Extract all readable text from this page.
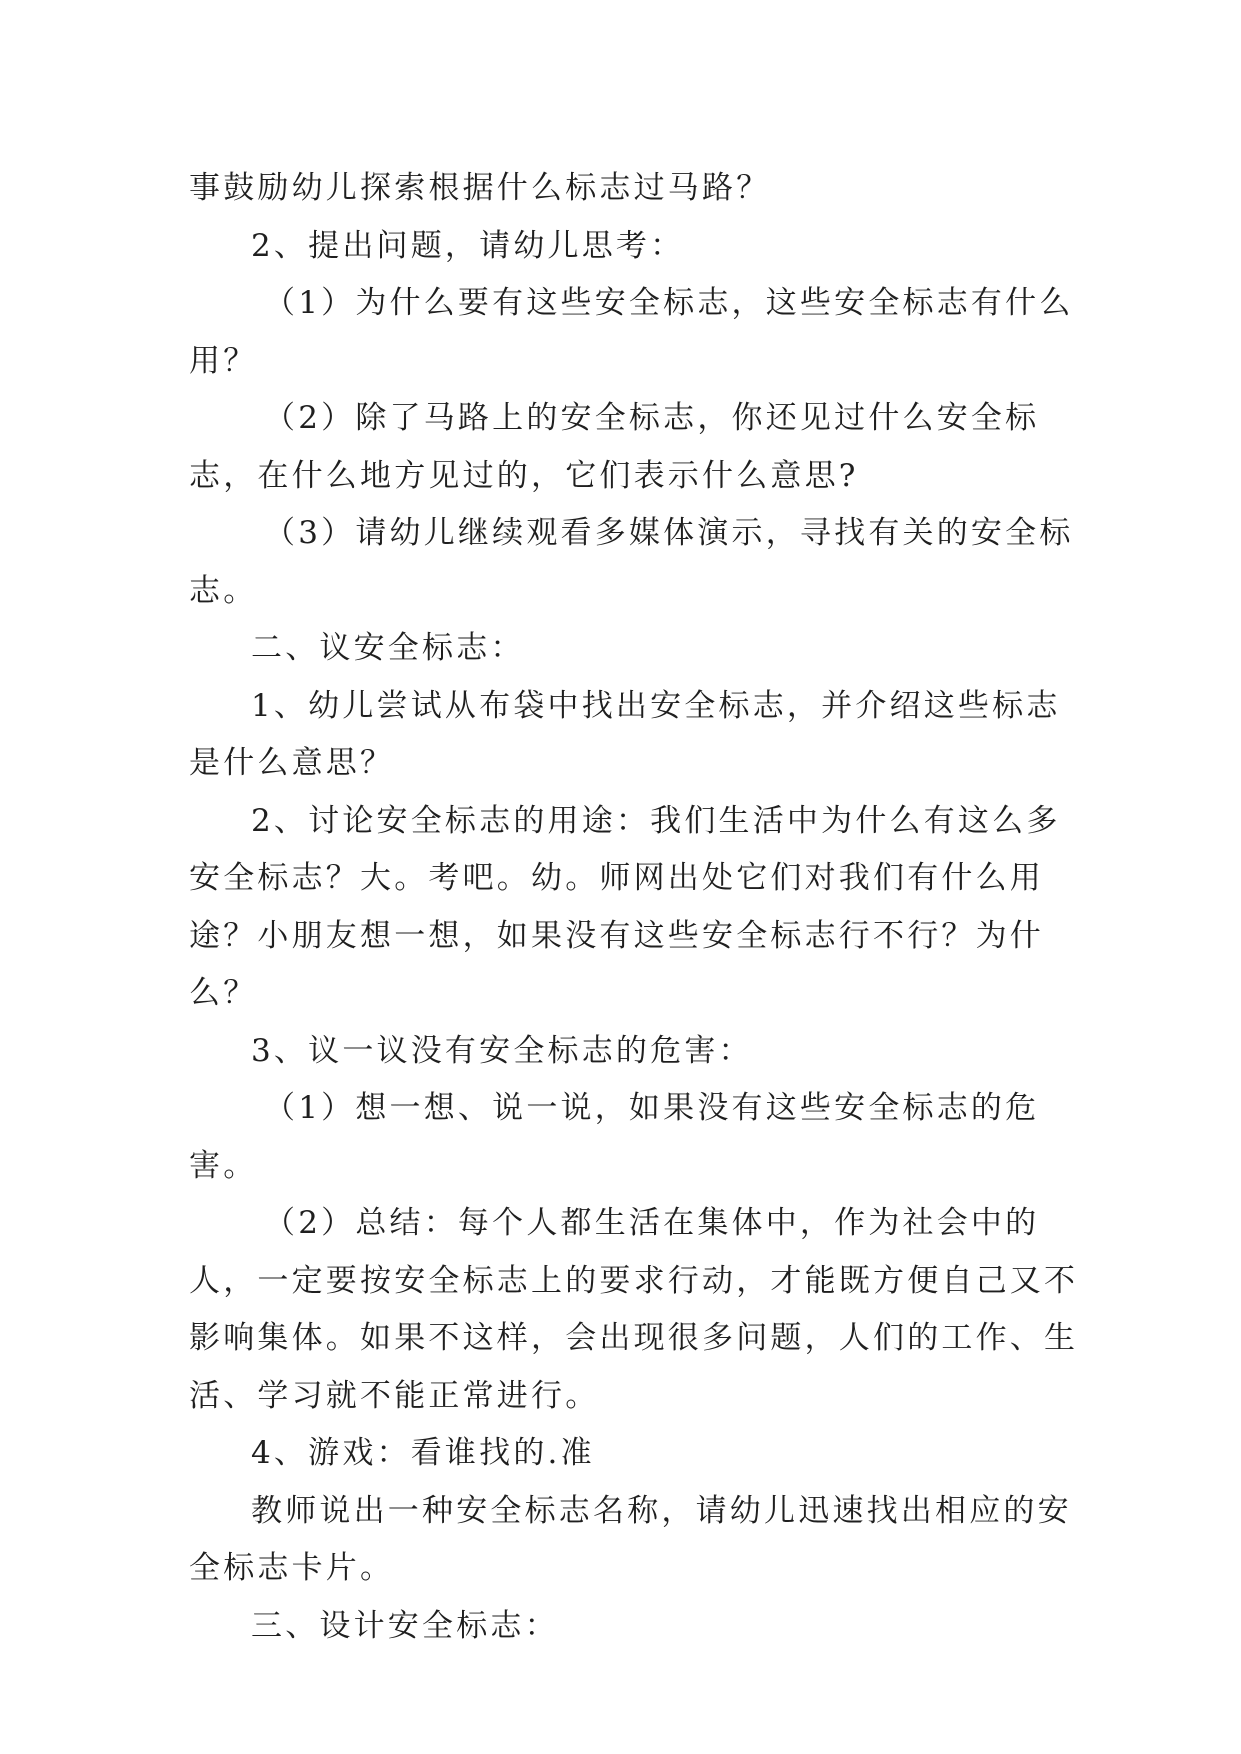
事鼓励幼儿探索根据什么标志过马路？

2、提出问题，请幼儿思考：

（1）为什么要有这些安全标志，这些安全标志有什么用？

（2）除了马路上的安全标志，你还见过什么安全标志，在什么地方见过的，它们表示什么意思?

（3）请幼儿继续观看多媒体演示，寻找有关的安全标志。

二、议安全标志：

1、幼儿尝试从布袋中找出安全标志，并介绍这些标志是什么意思？

2、讨论安全标志的用途：我们生活中为什么有这么多安全标志？大。考吧。幼。师网出处它们对我们有什么用途？小朋友想一想，如果没有这些安全标志行不行？为什么？

3、议一议没有安全标志的危害：

（1）想一想、说一说，如果没有这些安全标志的危害。

（2）总结：每个人都生活在集体中，作为社会中的人，一定要按安全标志上的要求行动，才能既方便自己又不影响集体。如果不这样，会出现很多问题，人们的工作、生活、学习就不能正常进行。

4、游戏：看谁找的.准

教师说出一种安全标志名称，请幼儿迅速找出相应的安全标志卡片。

三、设计安全标志：
